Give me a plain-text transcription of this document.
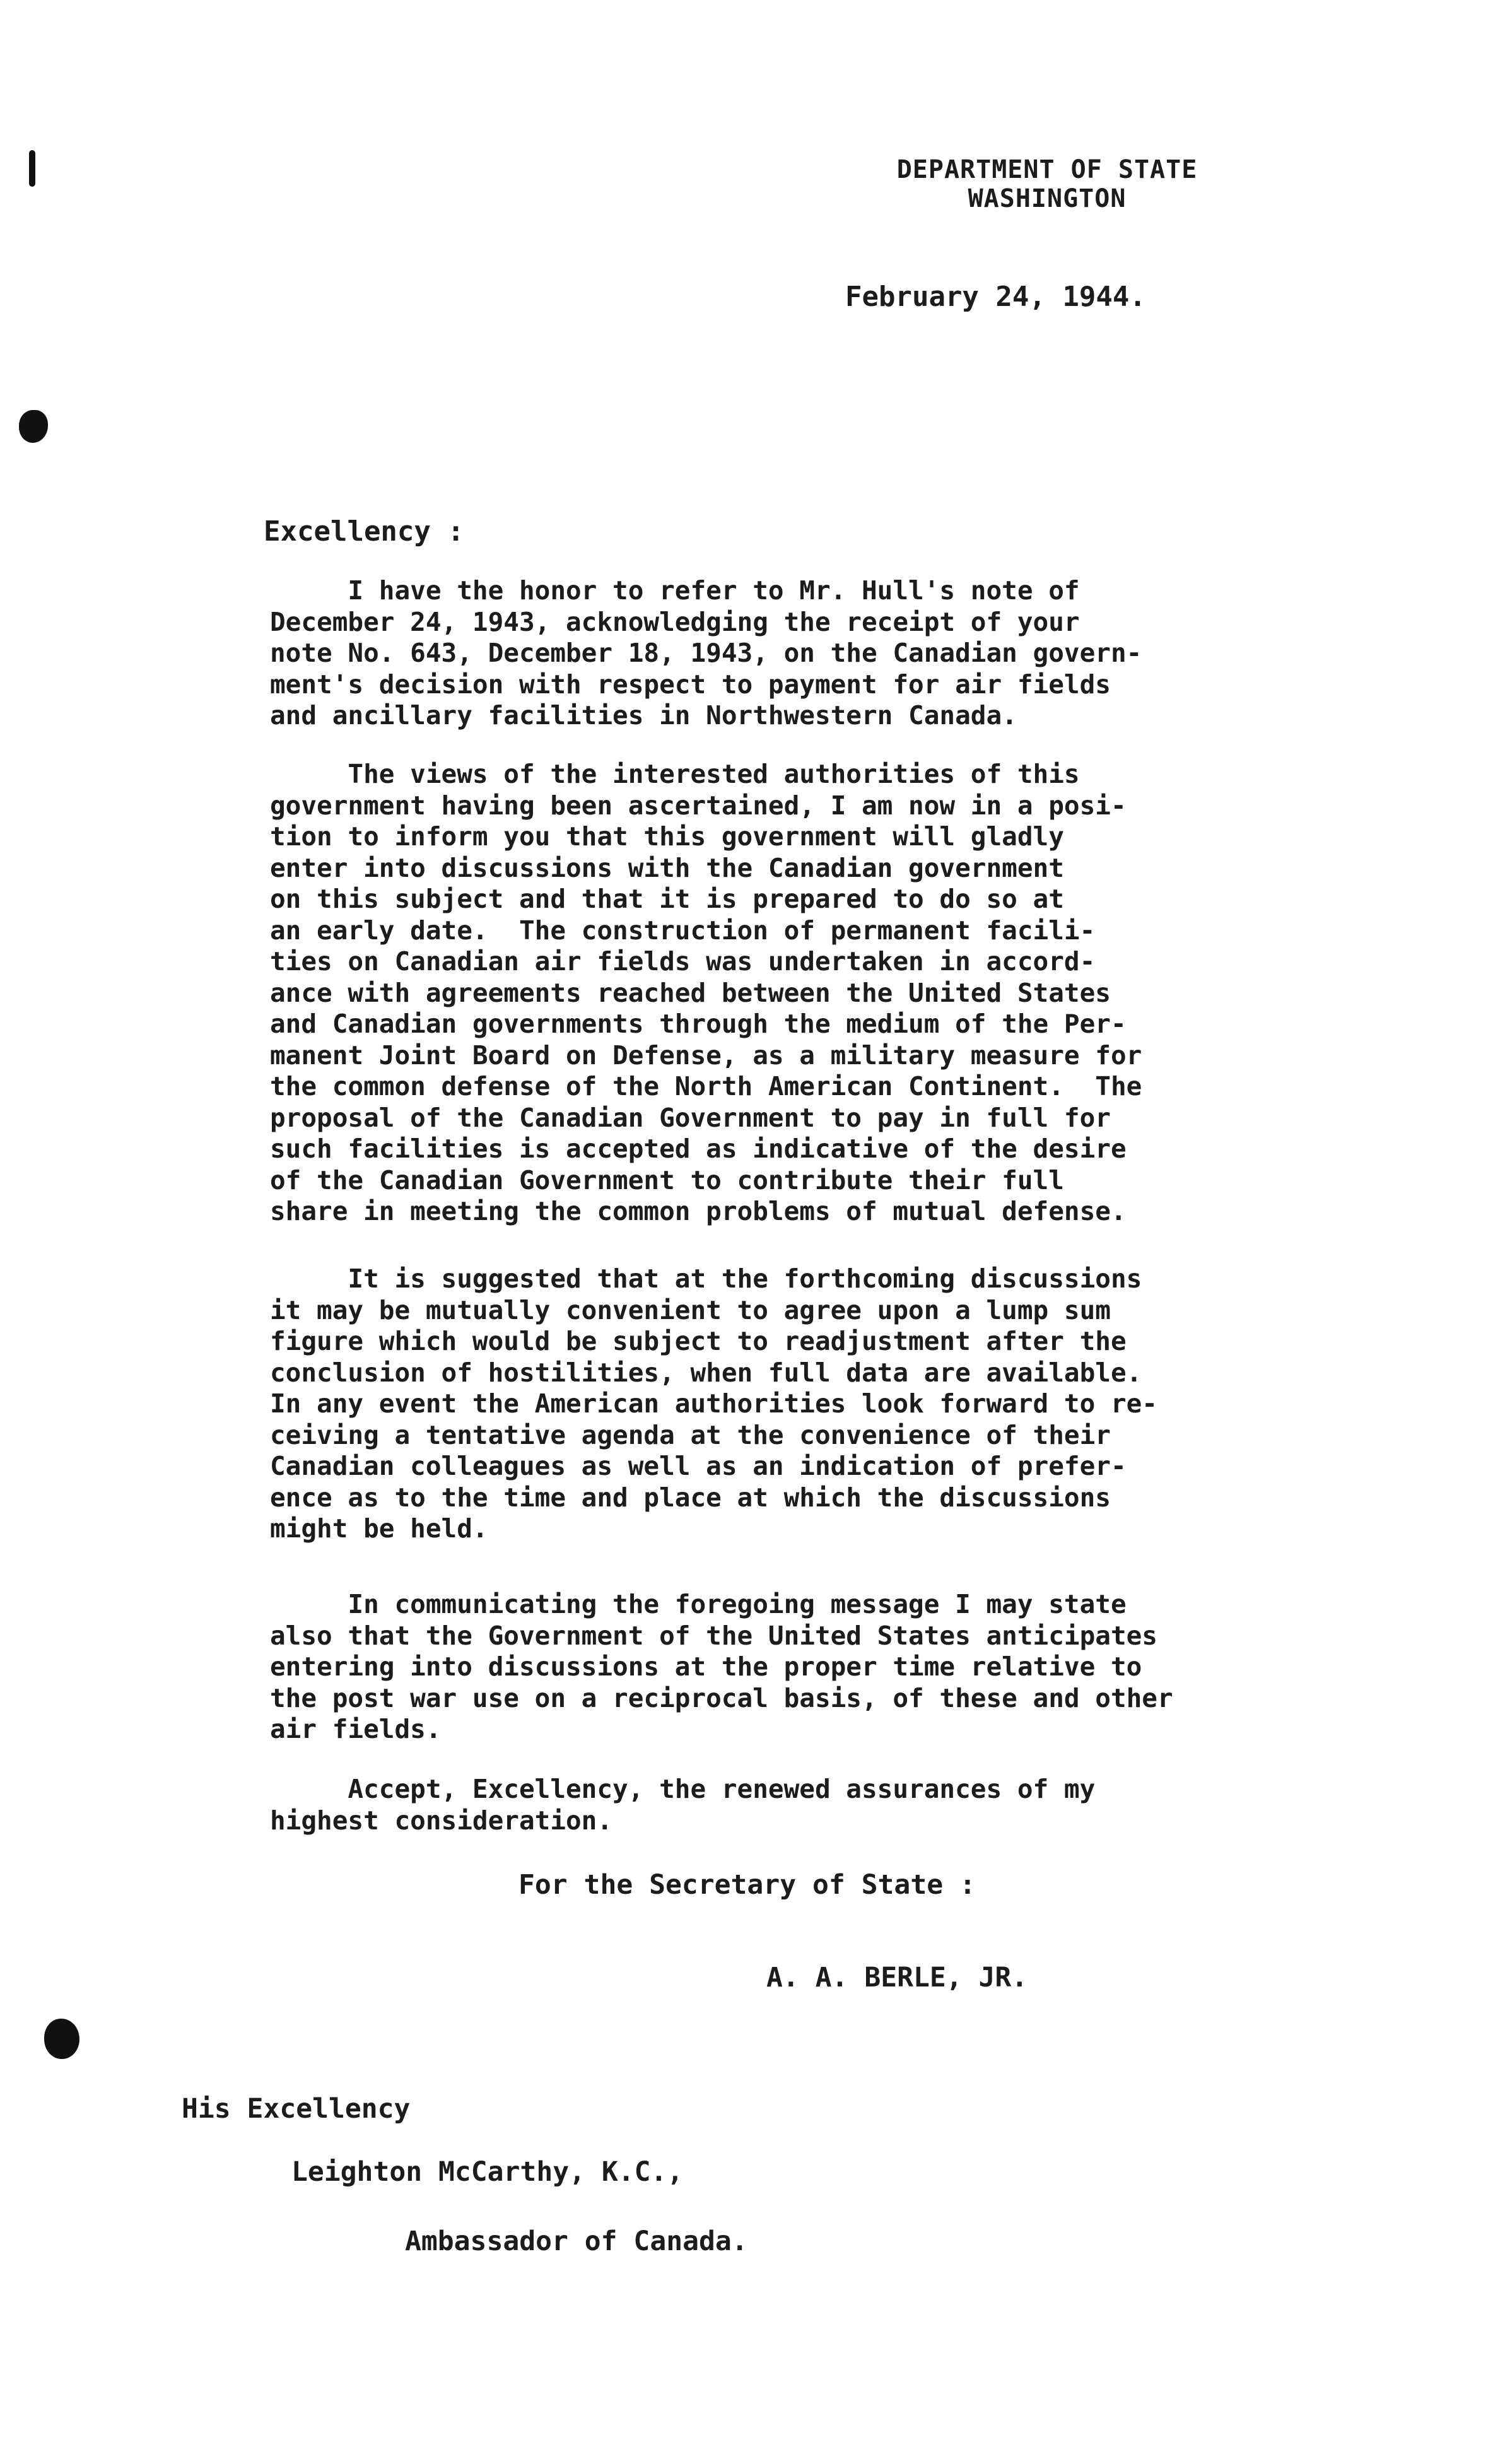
DEPARTMENT OF STATE
WASHINGTON
February 24, 1944.
Excellency :

I have the honor to refer to Mr. Hull's note of
December 24, 1943, acknowledging the receipt of your
note No. 643, December 18, 1943, on the Canadian govern-
ment's decision with respect to payment for air fields
and ancillary facilities in Northwestern Canada.

The views of the interested authorities of this
government having been ascertained, I am now in a posi-
tion to inform you that this government will gladly
enter into discussions with the Canadian government
on this subject and that it is prepared to do so at
an early date.  The construction of permanent facili-
ties on Canadian air fields was undertaken in accord-
ance with agreements reached between the United States
and Canadian governments through the medium of the Per-
manent Joint Board on Defense, as a military measure for
the common defense of the North American Continent.  The
proposal of the Canadian Government to pay in full for
such facilities is accepted as indicative of the desire
of the Canadian Government to contribute their full
share in meeting the common problems of mutual defense.

It is suggested that at the forthcoming discussions
it may be mutually convenient to agree upon a lump sum
figure which would be subject to readjustment after the
conclusion of hostilities, when full data are available.
In any event the American authorities look forward to re-
ceiving a tentative agenda at the convenience of their
Canadian colleagues as well as an indication of prefer-
ence as to the time and place at which the discussions
might be held.

In communicating the foregoing message I may state
also that the Government of the United States anticipates
entering into discussions at the proper time relative to
the post war use on a reciprocal basis, of these and other
air fields.

Accept, Excellency, the renewed assurances of my
highest consideration.

For the Secretary of State :
A. A. BERLE, JR.
His Excellency
Leighton McCarthy, K.C.,
Ambassador of Canada.
